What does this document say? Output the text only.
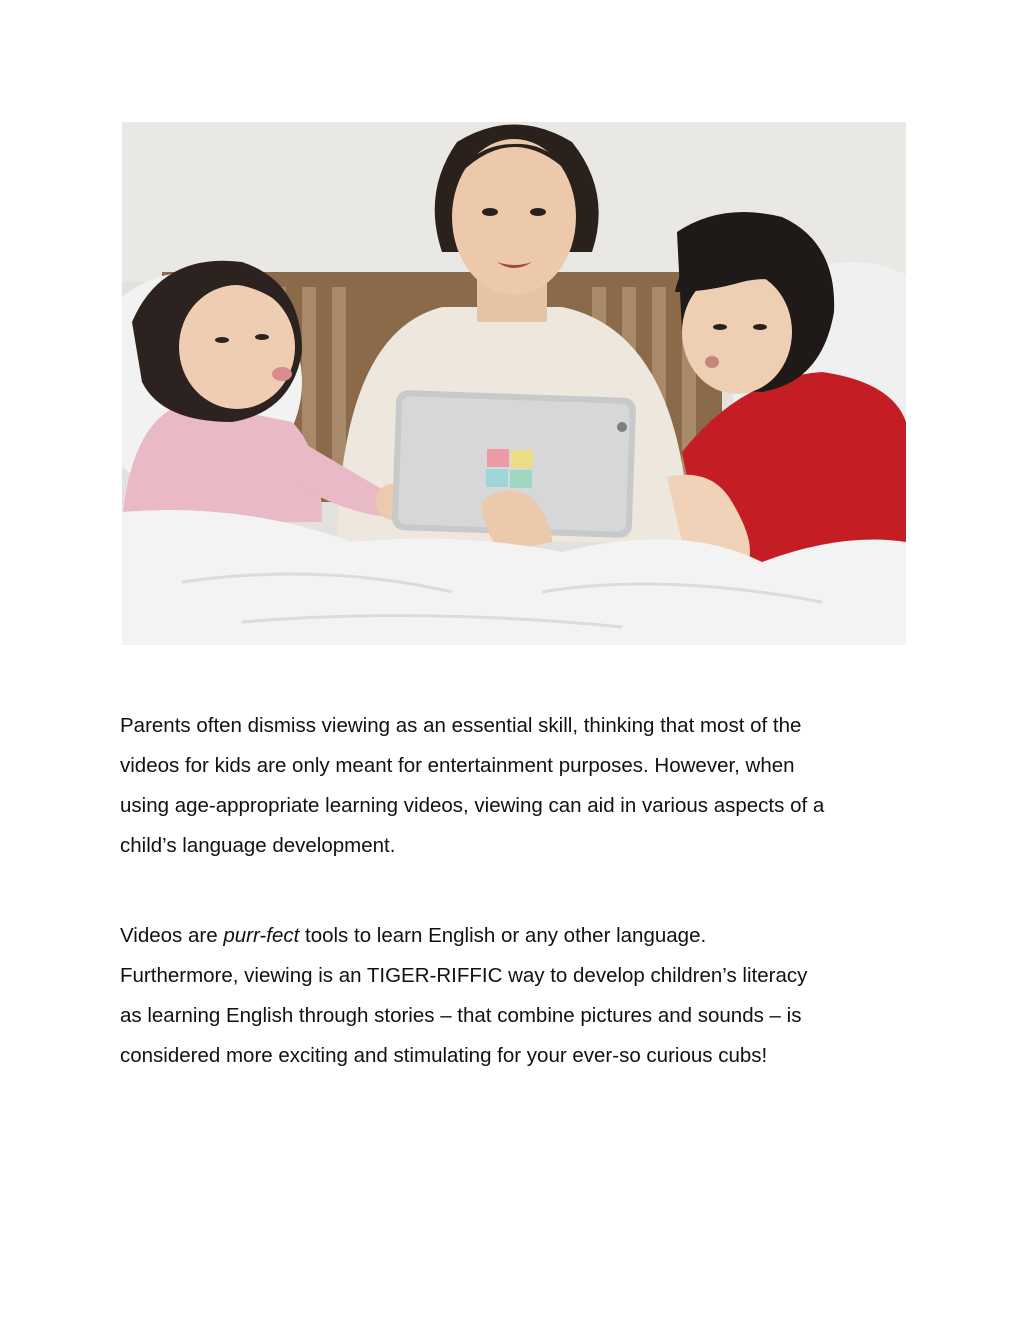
Parents often dismiss viewing as an essential skill, thinking that most of the
videos for kids are only meant for entertainment purposes. However, when
using age-appropriate learning videos, viewing can aid in various aspects of a
child’s language development.
Videos are purr-fect tools to learn English or any other language.
Furthermore, viewing is an TIGER-RIFFIC way to develop children’s literacy
as learning English through stories – that combine pictures and sounds – is
considered more exciting and stimulating for your ever-so curious cubs!
